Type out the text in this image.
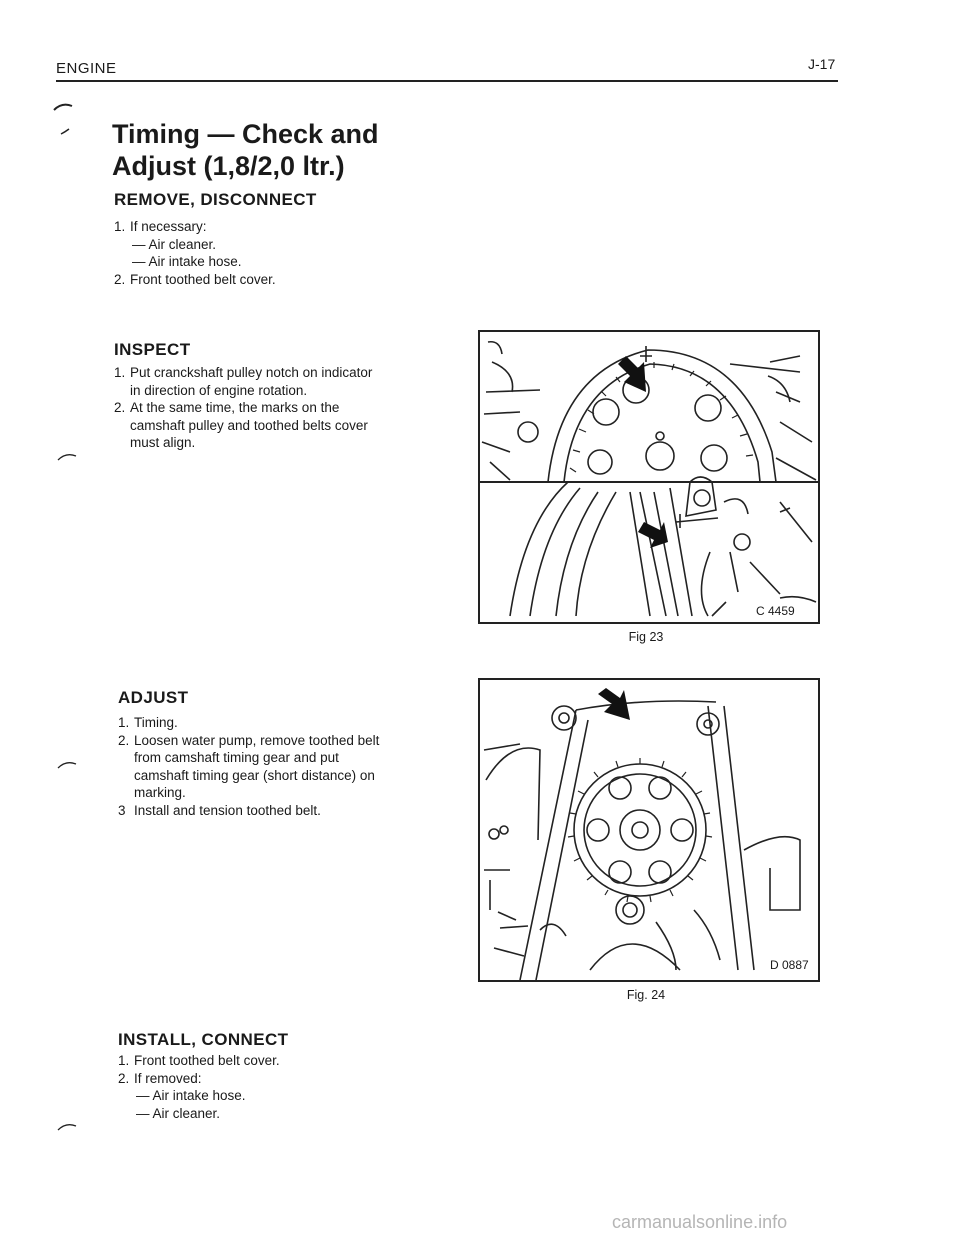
ENGINE	J-17
Timing — Check and
Adjust (1,8/2,0 ltr.)
REMOVE, DISCONNECT
1. If necessary:
— Air cleaner.
— Air intake hose.
2. Front toothed belt cover.
INSPECT
1. Put cranckshaft pulley notch on indicator
in direction of engine rotation.
2. At the same time, the marks on the
camshaft pulley and toothed belts cover
must align.
ADJUST
1. Timing.
2. Loosen water pump, remove toothed belt
from camshaft timing gear and put
camshaft timing gear (short distance) on
marking.
3 Install and tension toothed belt.
INSTALL, CONNECT
1. Front toothed belt cover.
2. If removed:
— Air intake hose.
— Air cleaner.
C 4459
Fig 23
D 0887
Fig. 24
carmanualsonline.info
